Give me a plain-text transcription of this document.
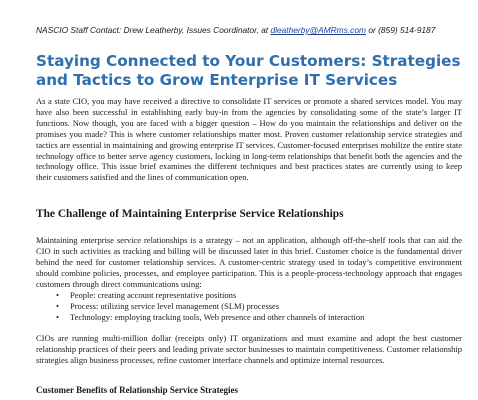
NASCIO Staff Contact: Drew Leatherby, Issues Coordinator, at dleatherby@AMRms.com or (859) 514-9187
Staying Connected to Your Customers: Strategies and Tactics to Grow Enterprise IT Services

As a state CIO, you may have received a directive to consolidate IT services or promote a shared services model. You may have also been successful in establishing early buy-in from the agencies by consolidating some of the state’s larger IT functions. Now though, you are faced with a bigger question – How do you maintain the relationships and deliver on the promises you made? This is where customer relationships matter most. Proven customer relationship service strategies and tactics are essential in maintaining and growing enterprise IT services. Customer-focused enterprises mobilize the entire state technology office to better serve agency customers, locking in long-term relationships that benefit both the agencies and the technology office. This issue brief examines the different techniques and best practices states are currently using to keep their customers satisfied and the lines of communication open.

The Challenge of Maintaining Enterprise Service Relationships

Maintaining enterprise service relationships is a strategy – not an application, although off-the-shelf tools that can aid the CIO in such activities as tracking and billing will be discussed later in this brief. Customer choice is the fundamental driver behind the need for customer relationship services. A customer-centric strategy used in today’s competitive environment should combine policies, processes, and employee participation. This is a people-process-technology approach that engages customers through direct communications using:

• People: creating account representative positions
• Process: utilizing service level management (SLM) processes
• Technology: employing tracking tools, Web presence and other channels of interaction

CIOs are running multi-million dollar (receipts only) IT organizations and must examine and adopt the best customer relationship practices of their peers and leading private sector businesses to maintain competitiveness. Customer relationship strategies align business processes, refine customer interface channels and optimize internal resources.

Customer Benefits of Relationship Service Strategies
